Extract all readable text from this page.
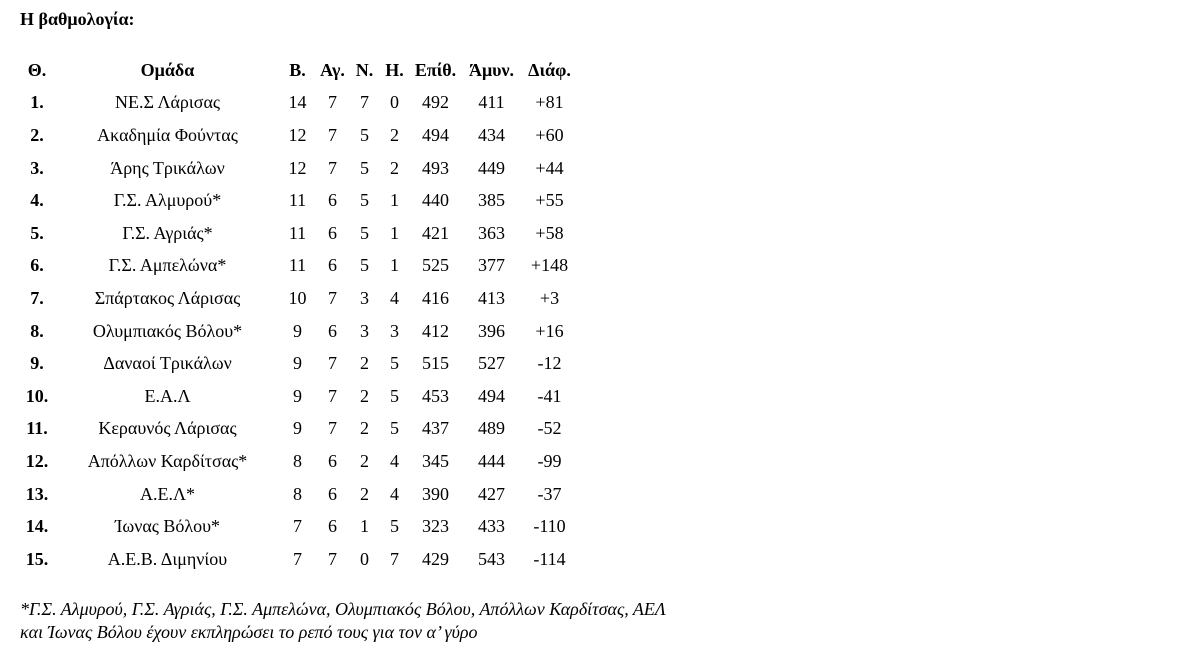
Η βαθμολογία:
Θ.	Ομάδα	Β.	Αγ.	Ν.	Η.	Επίθ.	Άμυν.	Διάφ.
1.	ΝΕ.Σ Λάρισας	14	7	7	0	492	411	+81
2.	Ακαδημία Φούντας	12	7	5	2	494	434	+60
3.	Άρης Τρικάλων	12	7	5	2	493	449	+44
4.	Γ.Σ. Αλμυρού*	11	6	5	1	440	385	+55
5.	Γ.Σ. Αγριάς*	11	6	5	1	421	363	+58
6.	Γ.Σ. Αμπελώνα*	11	6	5	1	525	377	+148
7.	Σπάρτακος Λάρισας	10	7	3	4	416	413	+3
8.	Ολυμπιακός Βόλου*	9	6	3	3	412	396	+16
9.	Δαναοί Τρικάλων	9	7	2	5	515	527	-12
10.	Ε.Α.Λ	9	7	2	5	453	494	-41
11.	Κεραυνός Λάρισας	9	7	2	5	437	489	-52
12.	Απόλλων Καρδίτσας*	8	6	2	4	345	444	-99
13.	Α.Ε.Λ*	8	6	2	4	390	427	-37
14.	Ίωνας Βόλου*	7	6	1	5	323	433	-110
15.	Α.Ε.Β. Διμηνίου	7	7	0	7	429	543	-114
*Γ.Σ. Αλμυρού, Γ.Σ. Αγριάς, Γ.Σ. Αμπελώνα, Ολυμπιακός Βόλου, Απόλλων Καρδίτσας, ΑΕΛ
και Ίωνας Βόλου έχουν εκπληρώσει το ρεπό τους για τον α’ γύρο
